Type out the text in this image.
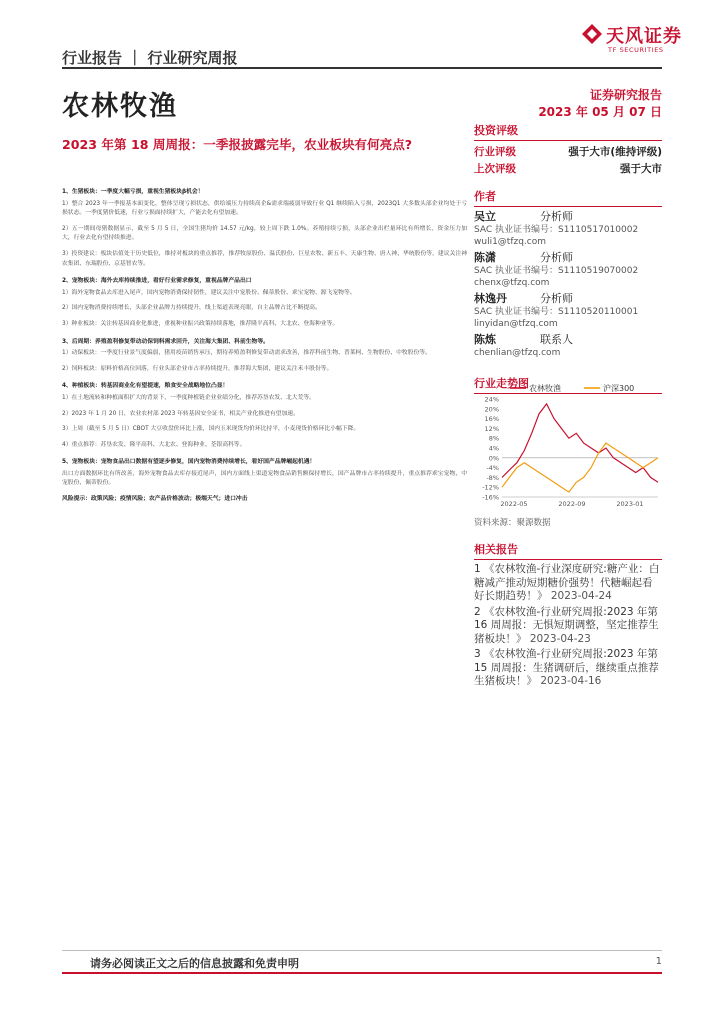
天风证券
TF SECURITIES
行业报告 ｜ 行业研究周报
农林牧渔	证券研究报告
2023 年 05 月 07 日
2023 年第 18 周周报：一季报披露完毕，农业板块有何亮点?
投资评级
行业评级	强于大市(维持评级)
上次评级	强于大市
作者
吴立	分析师
SAC 执业证书编号：S1110517010002
wuli1@tfzq.com
陈潇	分析师
SAC 执业证书编号：S1110519070002
chenx@tfzq.com
林逸丹	分析师
SAC 执业证书编号：S1110520110001
linyidan@tfzq.com
陈炼	联系人
chenlian@tfzq.com
行业走势图 农林牧渔	沪深300
24%
20%
16%
12%
8%
4%
0%
-4%
-8%
-12%
-16%
2022-05	2022-09	2023-01
资料来源：聚源数据
相关报告
1 《农林牧渔-行业深度研究:糖产业：白糖减产推动短期糖价强势！代糖崛起看好长期趋势！》 2023-04-24
2 《农林牧渔-行业研究周报:2023 年第16 周周报：无惧短期调整，坚定推荐生猪板块！》 2023-04-23
3 《农林牧渔-行业研究周报:2023 年第15 周周报：生猪调研后，继续重点推荐生猪板块！》 2023-04-16
1、生猪板块：一季度大幅亏损，重视生猪板块β机会！
1）整合 2023 年一季报基本面变化，整体呈现亏损状态，供给端压力持续高企&需求端疲弱导致行业 Q1 继续陷入亏损，2023Q1 大多数头部企业均处于亏损状态。一季度猪价低迷，行业亏损面持续扩大，产能去化有望加速。
2）五一期间母猪数据显示，截至 5 月 5 日，全国生猪均价 14.57 元/kg，较上周下跌 1.0%。养殖持续亏损，头部企业出栏量环比有所增长，资金压力加大，行业去化有望持续推进。
3）投资建议：板块估值处于历史低位，维持对板块的重点推荐，推荐牧原股份、温氏股份、巨星农牧、新五丰、天康生物、唐人神、华统股份等，建议关注神农集团、东瑞股份、京基智农等。
2、宠物板块：海外去库持续推进，看好行业需求修复，重视品牌产品出口
1）海外宠物食品去库进入尾声，国内宠物消费保持韧性，建议关注中宠股份、佩蒂股份、乖宝宠物、源飞宠物等。
2）国内宠物消费持续增长，头部企业品牌力持续提升，线上渠道表现亮眼，自主品牌占比不断提高。
3）种业板块：关注转基因商业化推进，重视种业振兴政策持续落地，推荐隆平高科、大北农、登海种业等。
3、后周期：养殖盈利修复带动动保饲料需求回升，关注海大集团、科前生物等。
1）动保板块：一季度行业景气度偏弱，猪用疫苗销售承压，期待养殖盈利修复带动需求改善，推荐科前生物、普莱柯、生物股份、中牧股份等。
2）饲料板块：原料价格高位回落，行业头部企业市占率持续提升，推荐海大集团，建议关注禾丰股份等。
4、种植板块：转基因商业化有望提速，粮食安全战略地位凸显！
1）在土地流转和种植面积扩大的背景下，一季度种植链企业业绩分化，推荐苏垦农发、北大荒等。
2）2023 年 1 月 20 日，农业农村部 2023 年转基因安全证书，相关产业化推进有望加速。
3）上周（截至 5 月 5 日）CBOT 大豆收盘价环比上涨，国内玉米现货均价环比持平，小麦现货价格环比小幅下降。
4）重点推荐：苏垦农发、隆平高科、大北农、登海种业、荃银高科等。
5、宠物板块：宠物食品出口数据有望逐步修复，国内宠物消费持续增长，看好国产品牌崛起机遇！
出口方面数据环比有所改善，海外宠物食品去库存接近尾声，国内方面线上渠道宠物食品销售额保持增长，国产品牌市占率持续提升，重点推荐乖宝宠物、中宠股份、佩蒂股份。
风险提示：政策风险；疫情风险；农产品价格波动；极端天气；进口冲击
请务必阅读正文之后的信息披露和免责申明	1
